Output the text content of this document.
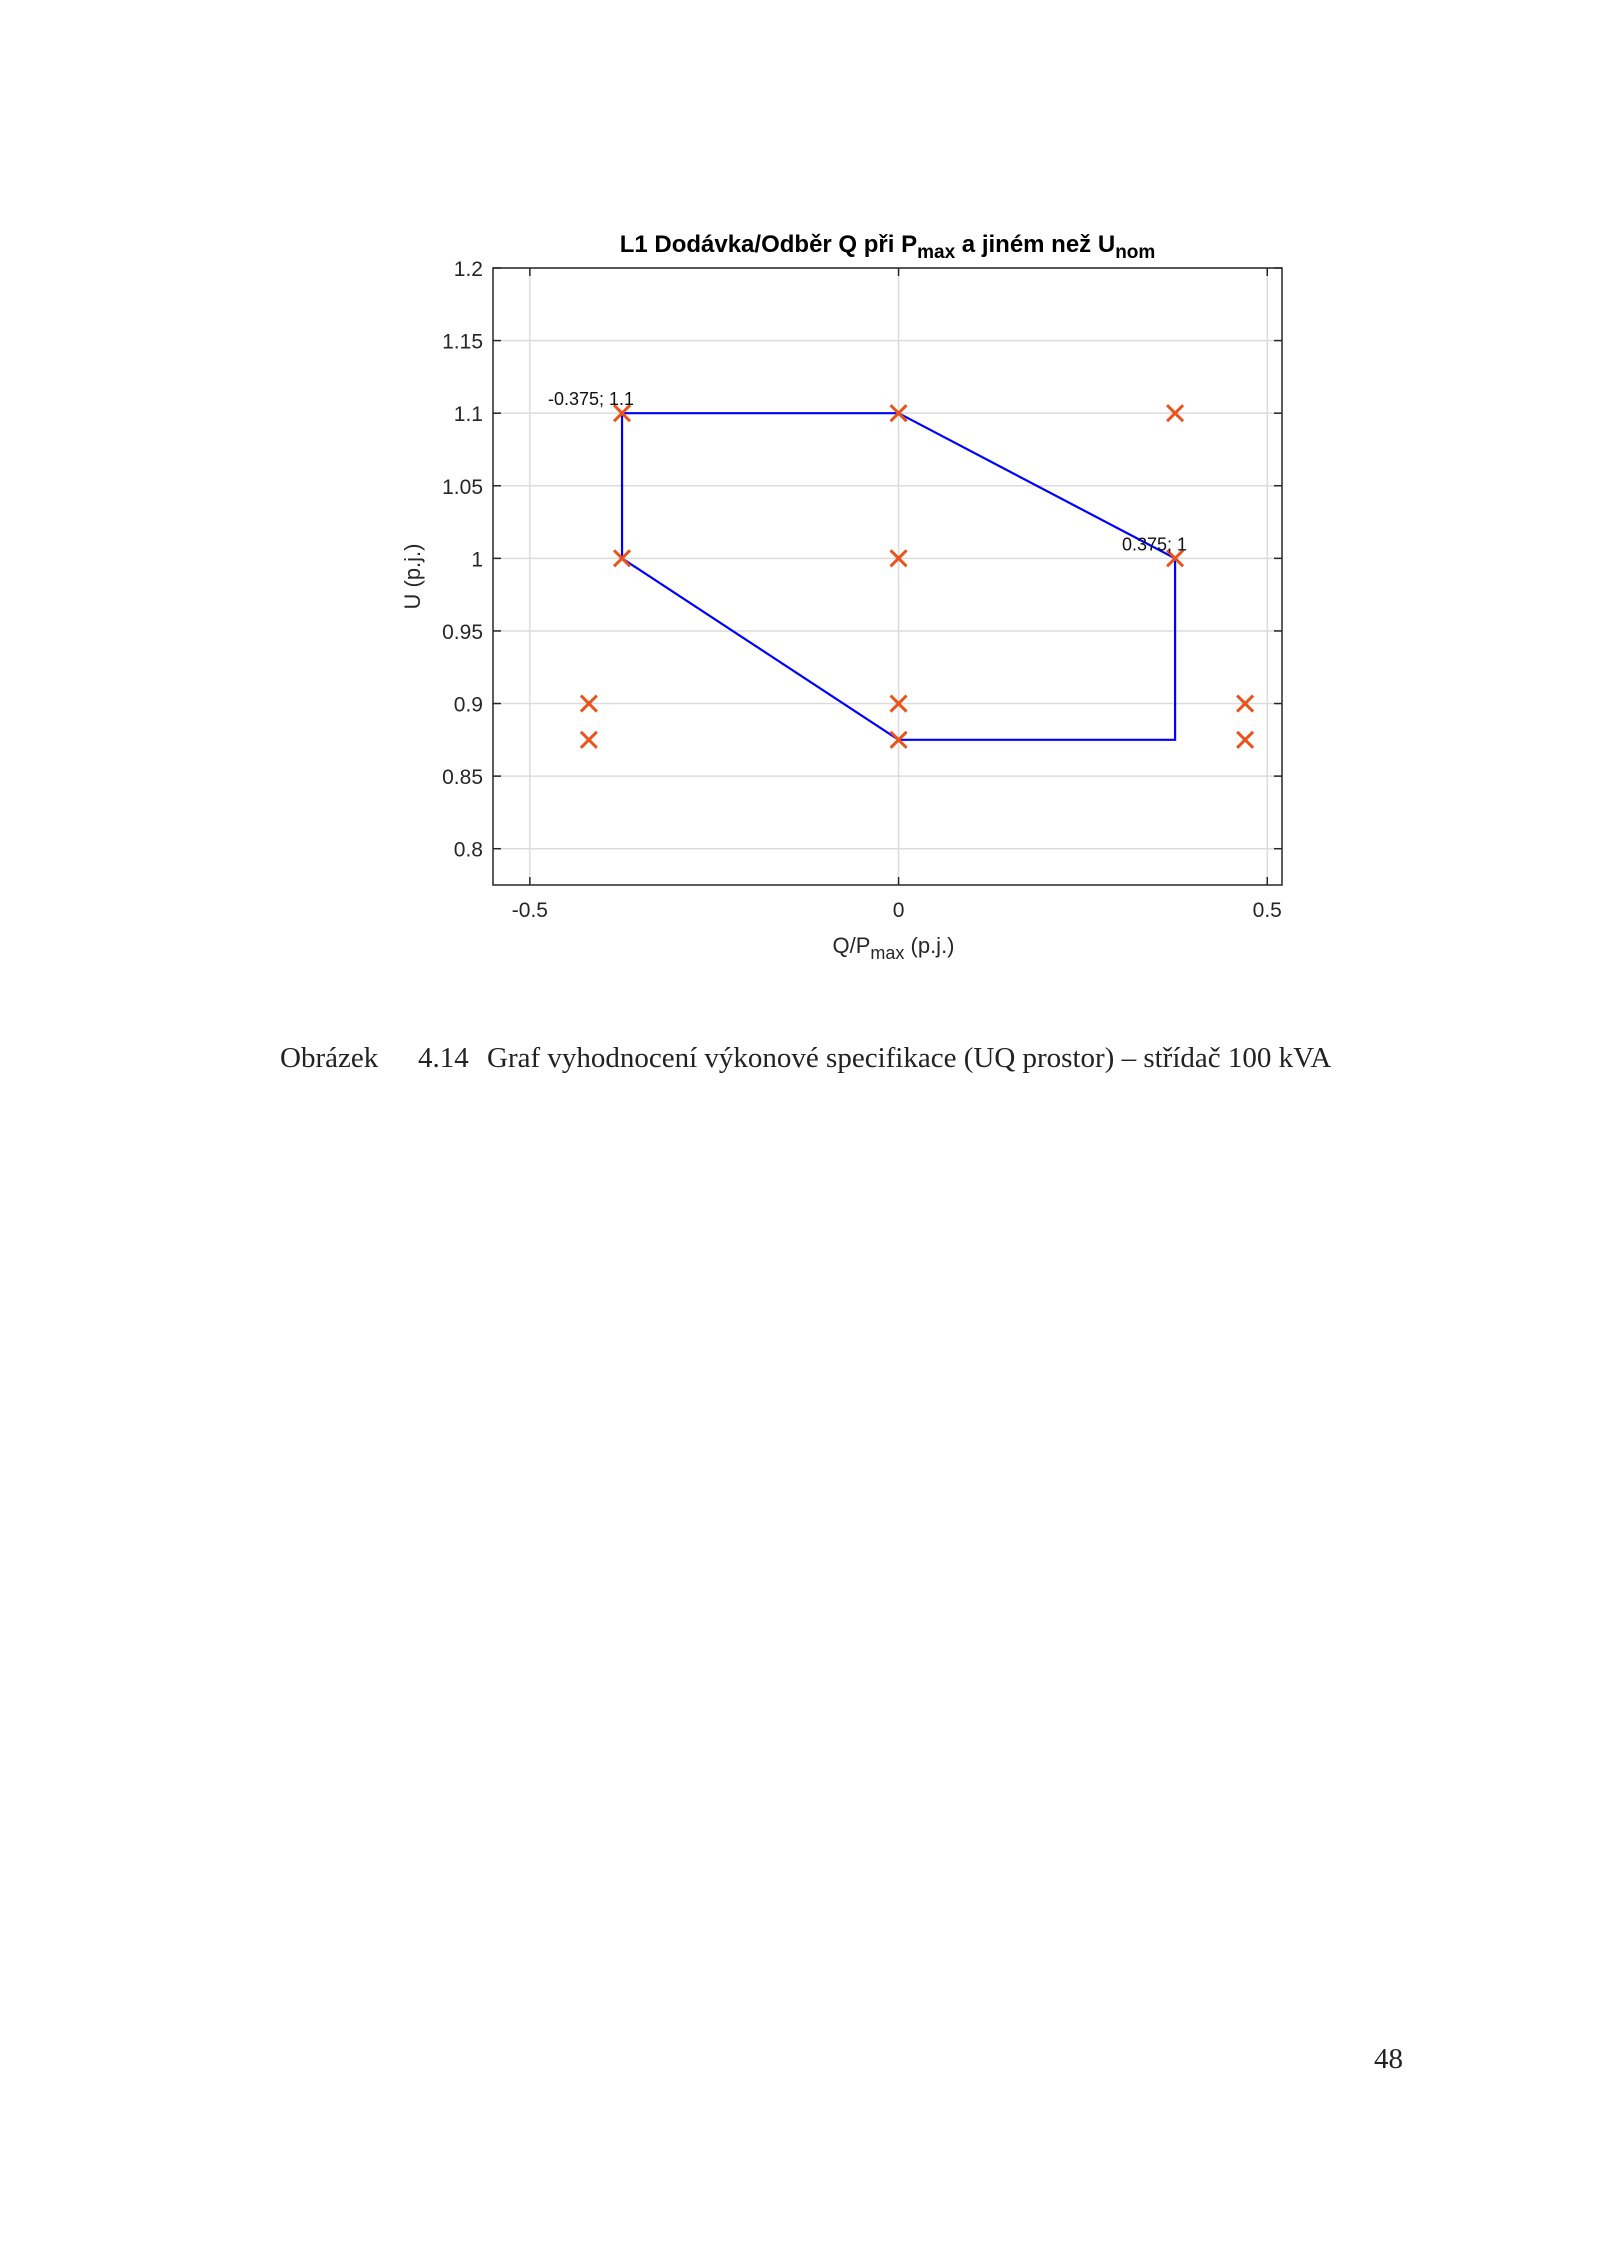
0.8
0.85
0.9
0.95
1
1.05
1.1
1.15
1.2
-0.5	0	0.5
-0.375; 1.1
0.375; 1
L1 Dodávka/Odběr Q při Pmax a jiném než Unom
Q/Pmax (p.j.)
U (p.j.)
Obrázek 4.14 Graf vyhodnocení výkonové specifikace (UQ prostor) – střídač 100 kVA
48
